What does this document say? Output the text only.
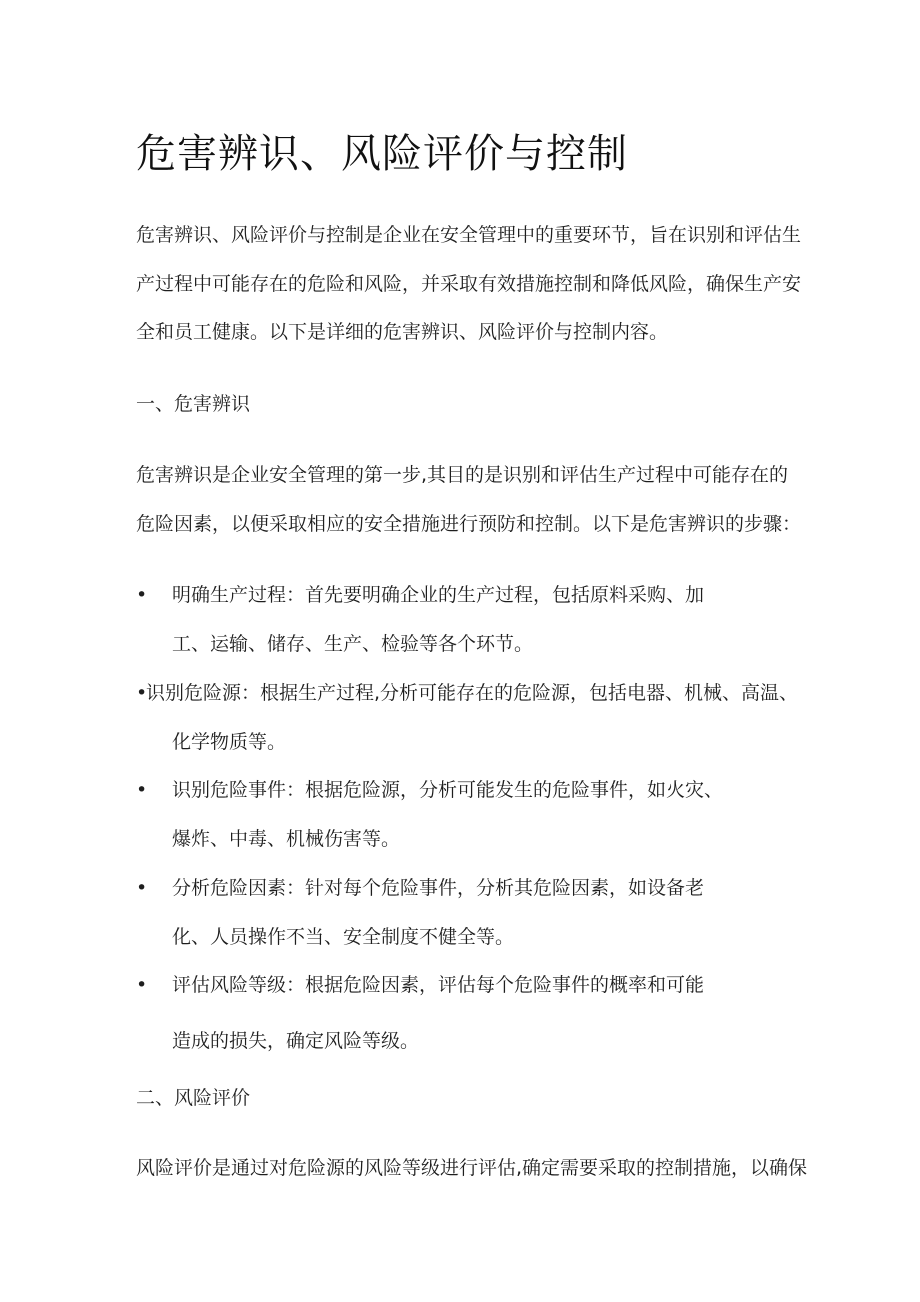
危害辨识、风险评价与控制
危害辨识、风险评价与控制是企业在安全管理中的重要环节，旨在识别和评估生
产过程中可能存在的危险和风险，并采取有效措施控制和降低风险，确保生产安
全和员工健康。以下是详细的危害辨识、风险评价与控制内容。
一、危害辨识
危害辨识是企业安全管理的第一步,其目的是识别和评估生产过程中可能存在的
危险因素，以便采取相应的安全措施进行预防和控制。以下是危害辨识的步骤：
• 明确生产过程：首先要明确企业的生产过程，包括原料采购、加
工、运输、储存、生产、检验等各个环节。
•
识别危险源：根据生产过程,分析可能存在的危险源，包括电器、机械、高温、
化学物质等。
• 识别危险事件：根据危险源，分析可能发生的危险事件，如火灾、
爆炸、中毒、机械伤害等。
• 分析危险因素：针对每个危险事件，分析其危险因素，如设备老
化、人员操作不当、安全制度不健全等。
• 评估风险等级：根据危险因素，评估每个危险事件的概率和可能
造成的损失，确定风险等级。
二、风险评价
风险评价是通过对危险源的风险等级进行评估,确定需要采取的控制措施，以确保
